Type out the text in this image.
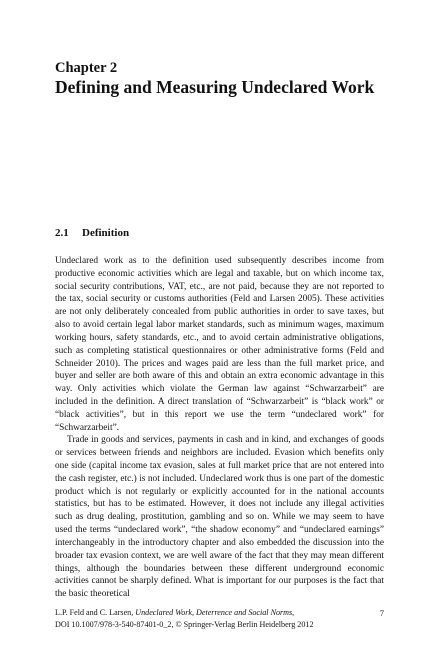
Chapter 2
Defining and Measuring Undeclared Work
2.1 Definition

Undeclared work as to the definition used subsequently describes income from productive economic activities which are legal and taxable, but on which income tax, social security contributions, VAT, etc., are not paid, because they are not reported to the tax, social security or customs authorities (Feld and Larsen 2005). These activities are not only deliberately concealed from public authorities in order to save taxes, but also to avoid certain legal labor market standards, such as minimum wages, maximum working hours, safety standards, etc., and to avoid certain administrative obligations, such as completing statistical questionnaires or other administrative forms (Feld and Schneider 2010). The prices and wages paid are less than the full market price, and buyer and seller are both aware of this and obtain an extra economic advantage in this way. Only activities which violate the German law against “Schwarzarbeit” are included in the definition. A direct translation of “Schwarzarbeit” is “black work” or “black activities”, but in this report we use the term “undeclared work” for “Schwarzarbeit”.

Trade in goods and services, payments in cash and in kind, and exchanges of goods or services between friends and neighbors are included. Evasion which benefits only one side (capital income tax evasion, sales at full market price that are not entered into the cash register, etc.) is not included. Undeclared work thus is one part of the domestic product which is not regularly or explicitly accounted for in the national accounts statistics, but has to be estimated. However, it does not include any illegal activities such as drug dealing, prostitution, gambling and so on. While we may seem to have used the terms “undeclared work”, “the shadow economy” and “undeclared earnings” interchangeably in the introductory chapter and also embedded the discussion into the broader tax evasion context, we are well aware of the fact that they may mean different things, although the boundaries between these different underground economic activities cannot be sharply defined. What is important for our purposes is the fact that the basic theoretical

L.P. Feld and C. Larsen, Undeclared Work, Deterrence and Social Norms,
DOI 10.1007/978-3-540-87401-0_2, © Springer-Verlag Berlin Heidelberg 2012
7
